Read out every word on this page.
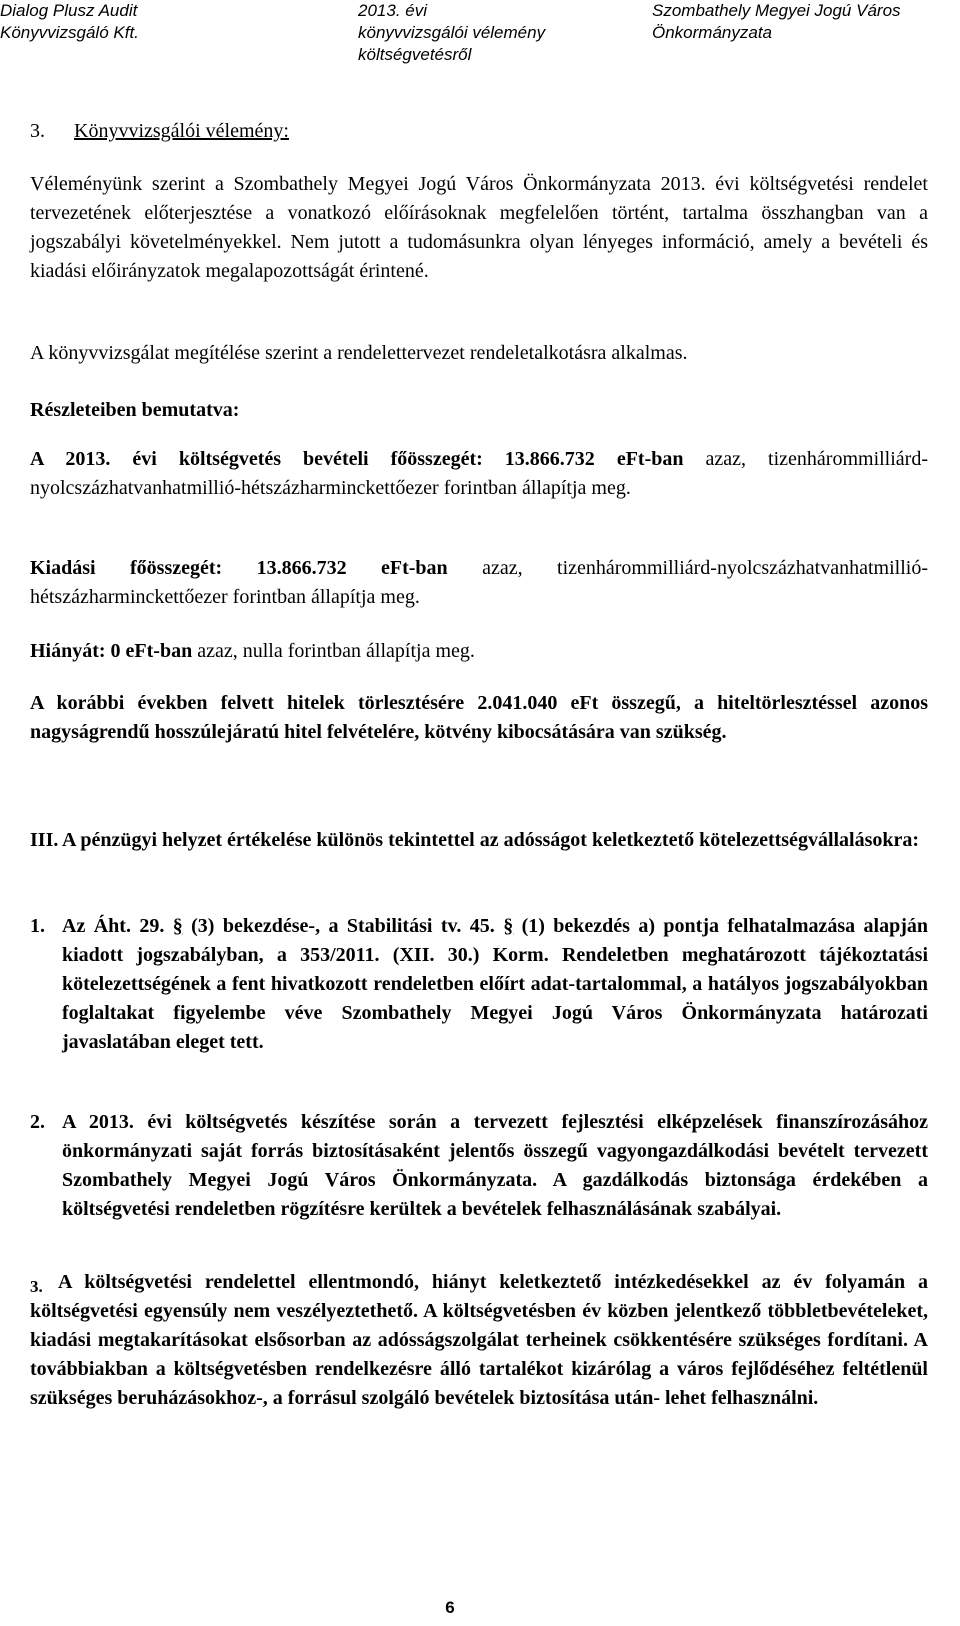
Dialog Plusz Audit
Könyvvizsgáló Kft.
2013. évi
könyvvizsgálói vélemény
költségvetésről
Szombathely Megyei Jogú Város
Önkormányzata
3. Könyvvizsgálói vélemény:
Véleményünk szerint a Szombathely Megyei Jogú Város Önkormányzata 2013. évi költségvetési rendelet tervezetének előterjesztése a vonatkozó előírásoknak megfelelően történt, tartalma összhangban van a jogszabályi követelményekkel. Nem jutott a tudomásunkra olyan lényeges információ, amely a bevételi és kiadási előirányzatok megalapozottságát érintené.
A könyvvizsgálat megítélése szerint a rendelettervezet rendeletalkotásra alkalmas.
Részleteiben bemutatva:
A 2013. évi költségvetés bevételi főösszegét: 13.866.732 eFt-ban azaz, tizenhárommilliárd-nyolcszázhatvanhatmillió-hétszázharminckettőezer forintban állapítja meg.
Kiadási főösszegét: 13.866.732 eFt-ban azaz, tizenhárommilliárd-nyolcszázhatvanhatmillió-hétszázharminckettőezer forintban állapítja meg.
Hiányát: 0 eFt-ban azaz, nulla forintban állapítja meg.
A korábbi években felvett hitelek törlesztésére 2.041.040 eFt összegű, a hiteltörlesztéssel azonos nagyságrendű hosszúlejáratú hitel felvételére, kötvény kibocsátására van szükség.
III. A pénzügyi helyzet értékelése különös tekintettel az adósságot keletkeztető kötelezettségvállalásokra:
1. Az Áht. 29. § (3) bekezdése-, a Stabilitási tv. 45. § (1) bekezdés a) pontja felhatalmazása alapján kiadott jogszabályban, a 353/2011. (XII. 30.) Korm. Rendeletben meghatározott tájékoztatási kötelezettségének a fent hivatkozott rendeletben előírt adat-tartalommal, a hatályos jogszabályokban foglaltakat figyelembe véve Szombathely Megyei Jogú Város Önkormányzata határozati javaslatában eleget tett.
2. A 2013. évi költségvetés készítése során a tervezett fejlesztési elképzelések finanszírozásához önkormányzati saját forrás biztosításaként jelentős összegű vagyongazdálkodási bevételt tervezett Szombathely Megyei Jogú Város Önkormányzata. A gazdálkodás biztonsága érdekében a költségvetési rendeletben rögzítésre kerültek a bevételek felhasználásának szabályai.
3. A költségvetési rendelettel ellentmondó, hiányt keletkeztető intézkedésekkel az év folyamán a költségvetési egyensúly nem veszélyeztethető. A költségvetésben év közben jelentkező többletbevételeket, kiadási megtakarításokat elsősorban az adósságszolgálat terheinek csökkentésére szükséges fordítani. A továbbiakban a költségvetésben rendelkezésre álló tartalékot kizárólag a város fejlődéséhez feltétlenül szükséges beruházásokhoz-, a forrásul szolgáló bevételek biztosítása után- lehet felhasználni.
6
